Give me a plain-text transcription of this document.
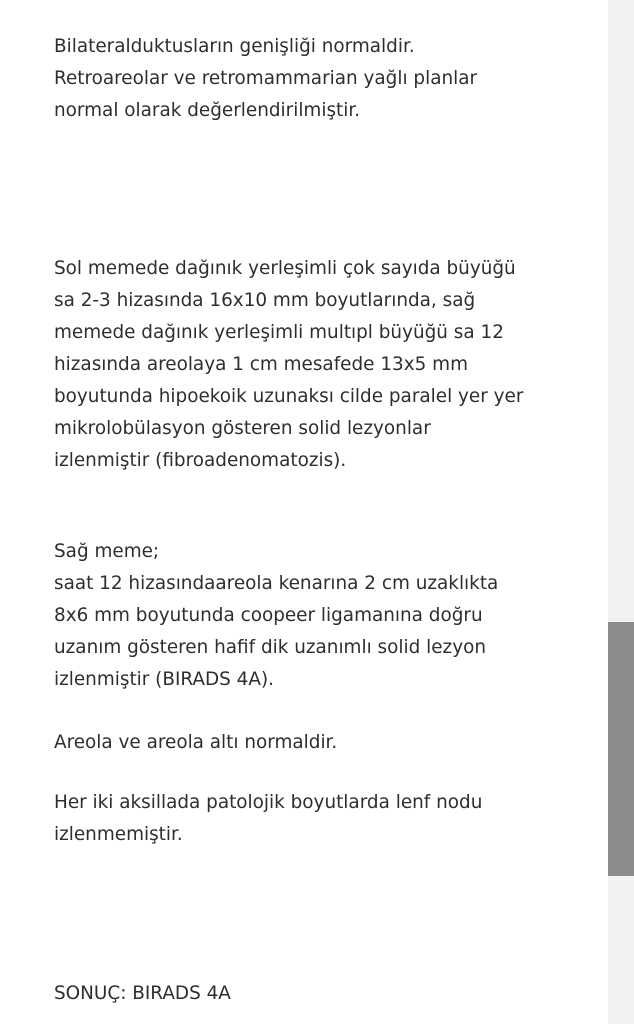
Bilateralduktusların genişliği normaldir.
Retroareolar ve retromammarian yağlı planlar
normal olarak değerlendirilmiştir.

Sol memede dağınık yerleşimli çok sayıda büyüğü
sa 2-3 hizasında 16x10 mm boyutlarında, sağ
memede dağınık yerleşimli multıpl büyüğü sa 12
hizasında areolaya 1 cm mesafede 13x5 mm
boyutunda hipoekoik uzunaksı cilde paralel yer yer
mikrolobülasyon gösteren solid lezyonlar
izlenmiştir (fibroadenomatozis).

Sağ meme;
saat 12 hizasındaareola kenarına 2 cm uzaklıkta
8x6 mm boyutunda coopeer ligamanına doğru
uzanım gösteren hafif dik uzanımlı solid lezyon
izlenmiştir (BIRADS 4A).

Areola ve areola altı normaldir.

Her iki aksillada patolojik boyutlarda lenf nodu
izlenmemiştir.

SONUÇ: BIRADS 4A
